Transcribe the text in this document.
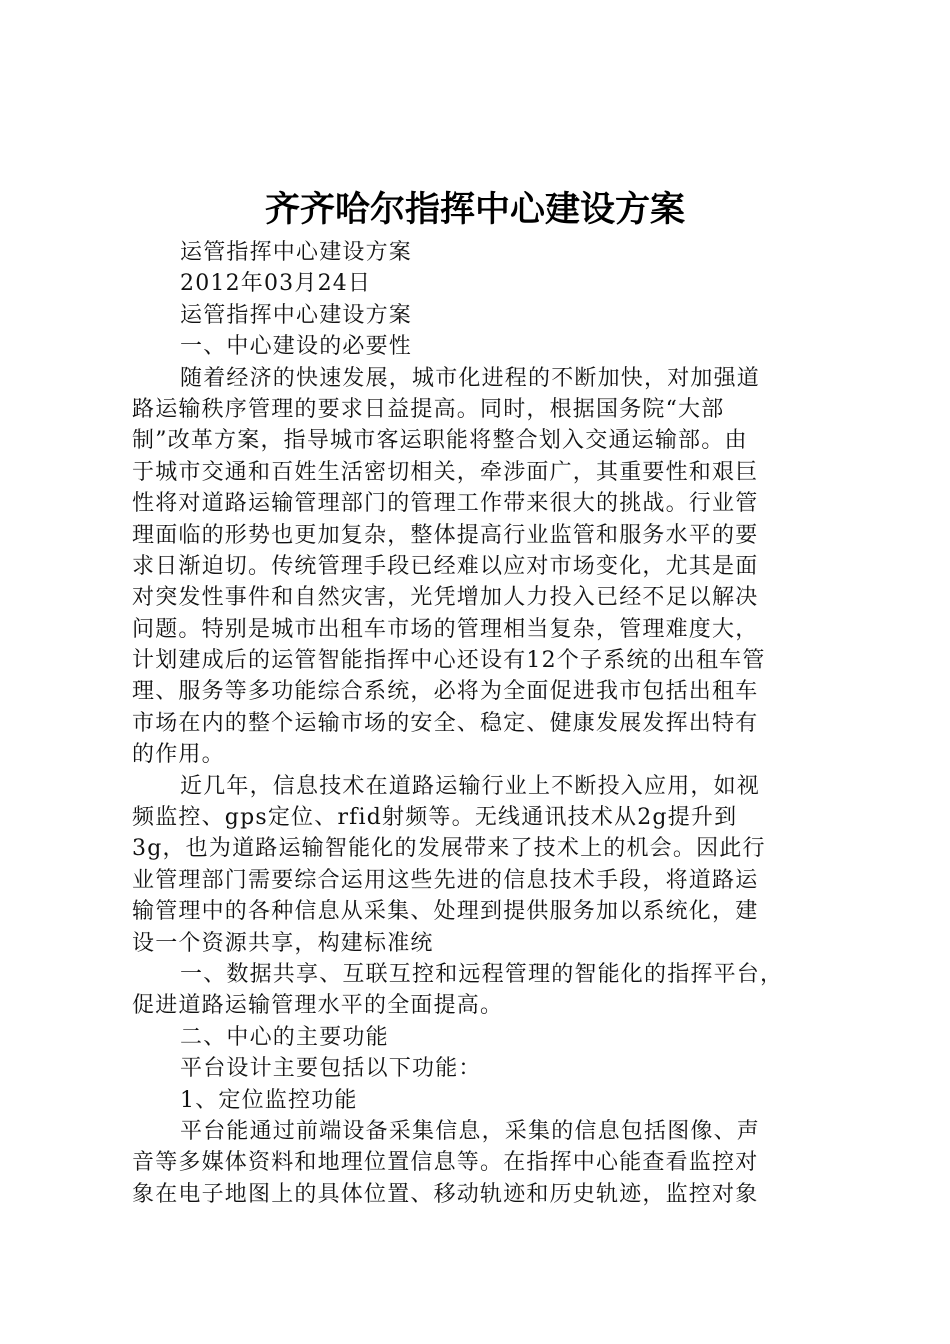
齐齐哈尔指挥中心建设方案
运管指挥中心建设方案
2012年03月24日
运管指挥中心建设方案
一、中心建设的必要性
随着经济的快速发展，城市化进程的不断加快，对加强道
路运输秩序管理的要求日益提高。同时，根据国务院“大部
制”改革方案，指导城市客运职能将整合划入交通运输部。由
于城市交通和百姓生活密切相关，牵涉面广，其重要性和艰巨
性将对道路运输管理部门的管理工作带来很大的挑战。行业管
理面临的形势也更加复杂，整体提高行业监管和服务水平的要
求日渐迫切。传统管理手段已经难以应对市场变化，尤其是面
对突发性事件和自然灾害，光凭增加人力投入已经不足以解决
问题。特别是城市出租车市场的管理相当复杂，管理难度大，
计划建成后的运管智能指挥中心还设有12个子系统的出租车管
理、服务等多功能综合系统，必将为全面促进我市包括出租车
市场在内的整个运输市场的安全、稳定、健康发展发挥出特有
的作用。
近几年，信息技术在道路运输行业上不断投入应用，如视
频监控、gps定位、rfid射频等。无线通讯技术从2g提升到
3g，也为道路运输智能化的发展带来了技术上的机会。因此行
业管理部门需要综合运用这些先进的信息技术手段，将道路运
输管理中的各种信息从采集、处理到提供服务加以系统化，建
设一个资源共享，构建标准统
一、数据共享、互联互控和远程管理的智能化的指挥平台，
促进道路运输管理水平的全面提高。
二、中心的主要功能
平台设计主要包括以下功能：
1、定位监控功能
平台能通过前端设备采集信息，采集的信息包括图像、声
音等多媒体资料和地理位置信息等。在指挥中心能查看监控对
象在电子地图上的具体位置、移动轨迹和历史轨迹，监控对象
